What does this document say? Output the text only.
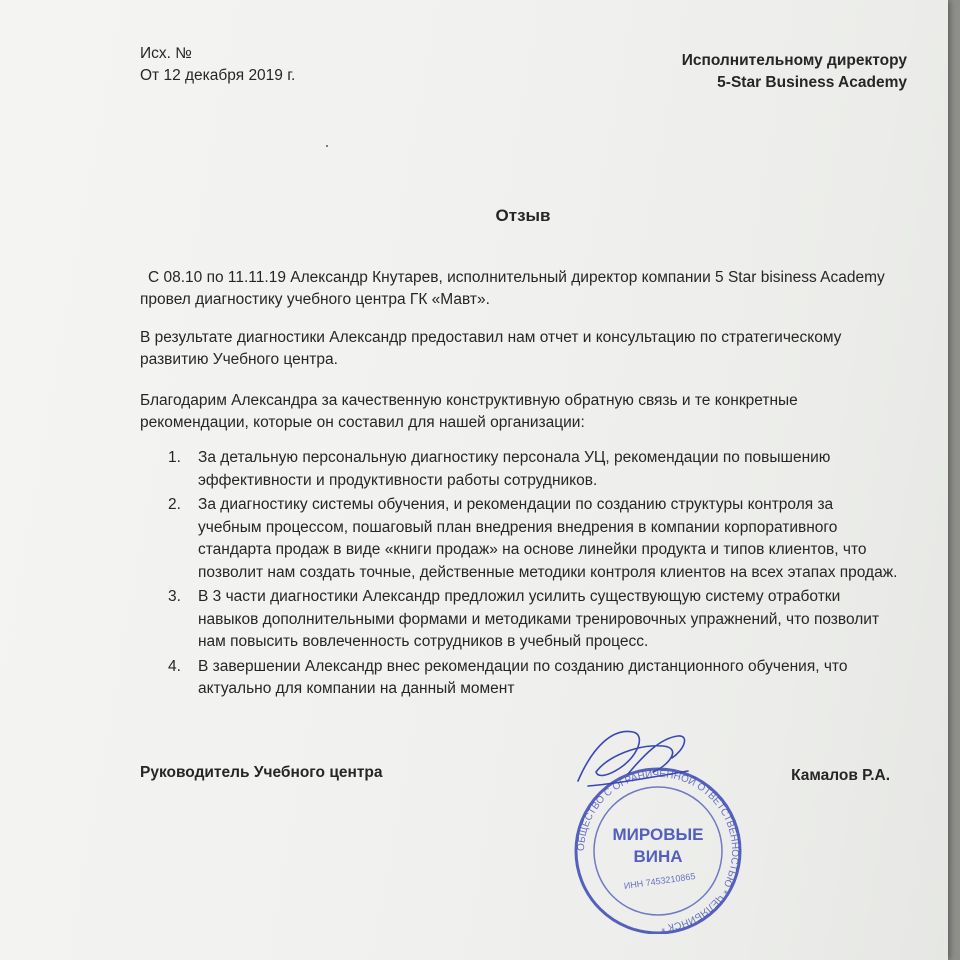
Исх. №
От 12 декабря 2019 г.
Исполнительному директору
5-Star Business Academy
Отзыв
С 08.10 по 11.11.19 Александр Кнутарев, исполнительный директор компании 5 Star bisiness Academy провел диагностику учебного центра ГК «Мавт».
В результате диагностики Александр предоставил нам отчет и консультацию по стратегическому развитию Учебного центра.
Благодарим Александра за качественную конструктивную обратную связь и те конкретные рекомендации, которые он составил для нашей организации:
1. За детальную персональную диагностику персонала УЦ, рекомендации по повышению эффективности и продуктивности работы сотрудников.
2. За диагностику системы обучения, и рекомендации по созданию структуры контроля за учебным процессом, пошаговый план внедрения внедрения в компании корпоративного стандарта продаж в виде «книги продаж» на основе линейки продукта и типов клиентов, что позволит нам создать точные, действенные методики контроля клиентов на всех этапах продаж.
3. В 3 части диагностики Александр предложил усилить существующую систему отработки навыков дополнительными формами и методиками тренировочных упражнений, что позволит нам повысить вовлеченность сотрудников в учебный процесс.
4. В завершении Александр внес рекомендации по созданию дистанционного обучения, что актуально для компании на данный момент
Руководитель Учебного центра	Камалов Р.А.
ОБЩЕСТВО С ОГРАНИЧЕННОЙ ОТВЕТСТВЕННОСТЬЮ * ЧЕЛЯБИНСК *
МИРОВЫЕ
ВИНА
ИНН 7453210865
